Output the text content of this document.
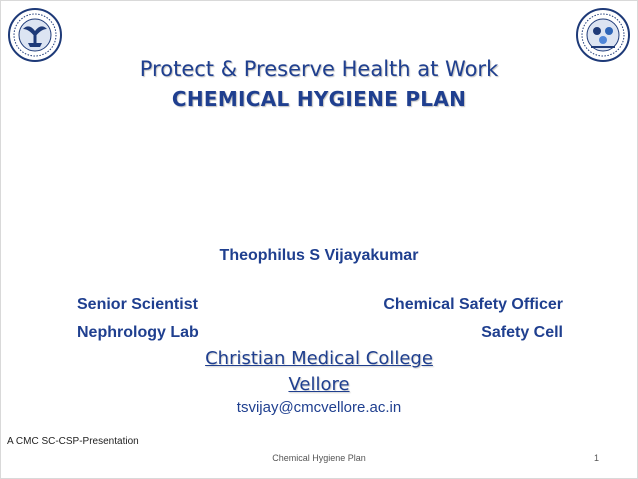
Protect & Preserve Health at Work
CHEMICAL HYGIENE PLAN
Theophilus S Vijayakumar
Senior Scientist
Nephrology Lab
Chemical Safety Officer
Safety Cell
Christian Medical College
Vellore
tsvijay@cmcvellore.ac.in
A CMC SC-CSP-Presentation
Chemical Hygiene Plan	1
